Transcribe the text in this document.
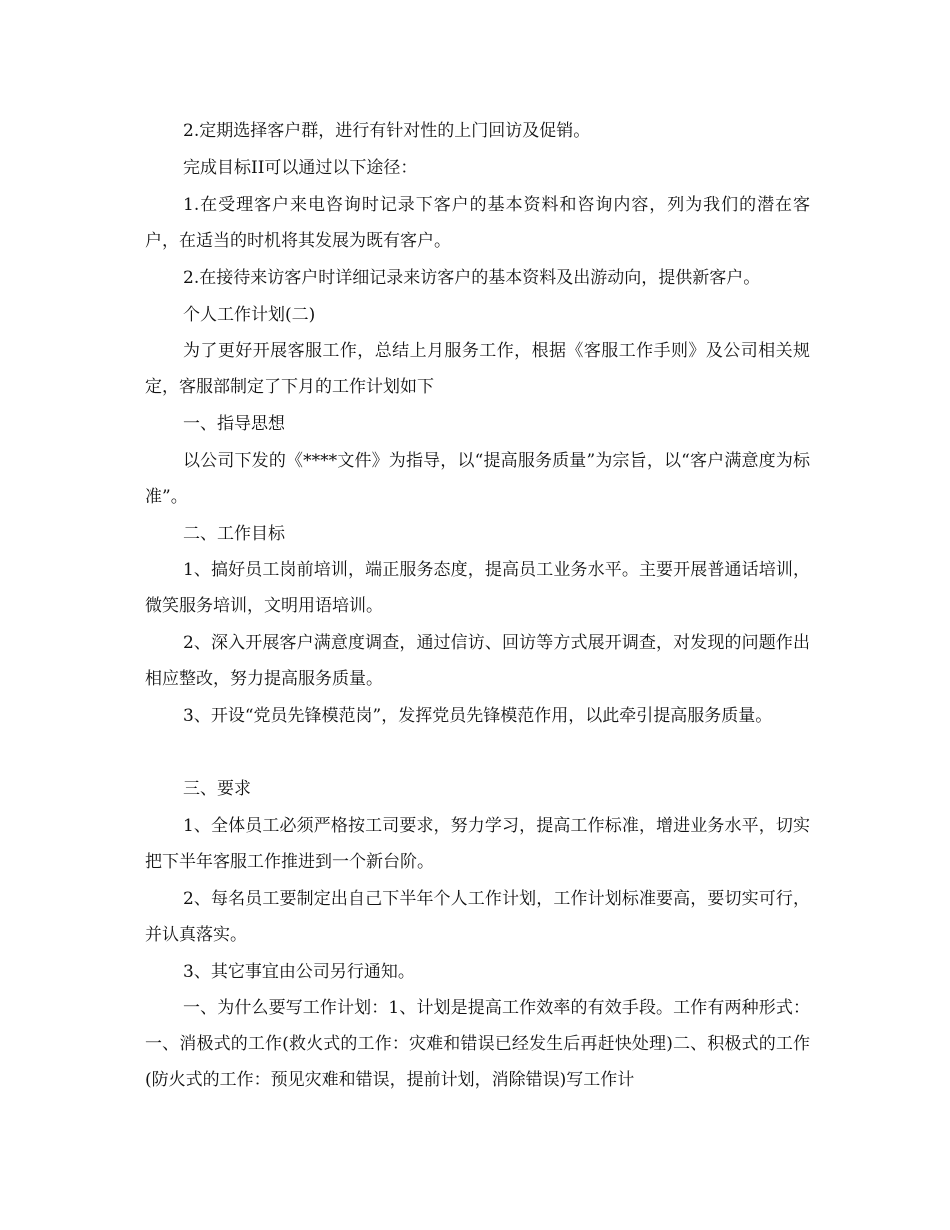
2.定期选择客户群，进行有针对性的上门回访及促销。

完成目标II可以通过以下途径：

1.在受理客户来电咨询时记录下客户的基本资料和咨询内容，列为我们的潜在客户，在适当的时机将其发展为既有客户。

2.在接待来访客户时详细记录来访客户的基本资料及出游动向，提供新客户。

个人工作计划(二)

为了更好开展客服工作，总结上月服务工作，根据《客服工作手则》及公司相关规定，客服部制定了下月的工作计划如下

一、指导思想

以公司下发的《****文件》为指导，以“提高服务质量”为宗旨，以“客户满意度为标准”。

二、工作目标

1、搞好员工岗前培训，端正服务态度，提高员工业务水平。主要开展普通话培训，微笑服务培训，文明用语培训。

2、深入开展客户满意度调查，通过信访、回访等方式展开调查，对发现的问题作出相应整改，努力提高服务质量。

3、开设“党员先锋模范岗”，发挥党员先锋模范作用，以此牵引提高服务质量。

三、要求

1、全体员工必须严格按工司要求，努力学习，提高工作标准，增进业务水平，切实把下半年客服工作推进到一个新台阶。

2、每名员工要制定出自己下半年个人工作计划，工作计划标准要高，要切实可行，并认真落实。

3、其它事宜由公司另行通知。

一、为什么要写工作计划：1、计划是提高工作效率的有效手段。工作有两种形式：一、消极式的工作(救火式的工作：灾难和错误已经发生后再赶快处理)二、积极式的工作(防火式的工作：预见灾难和错误，提前计划，消除错误)写工作计
